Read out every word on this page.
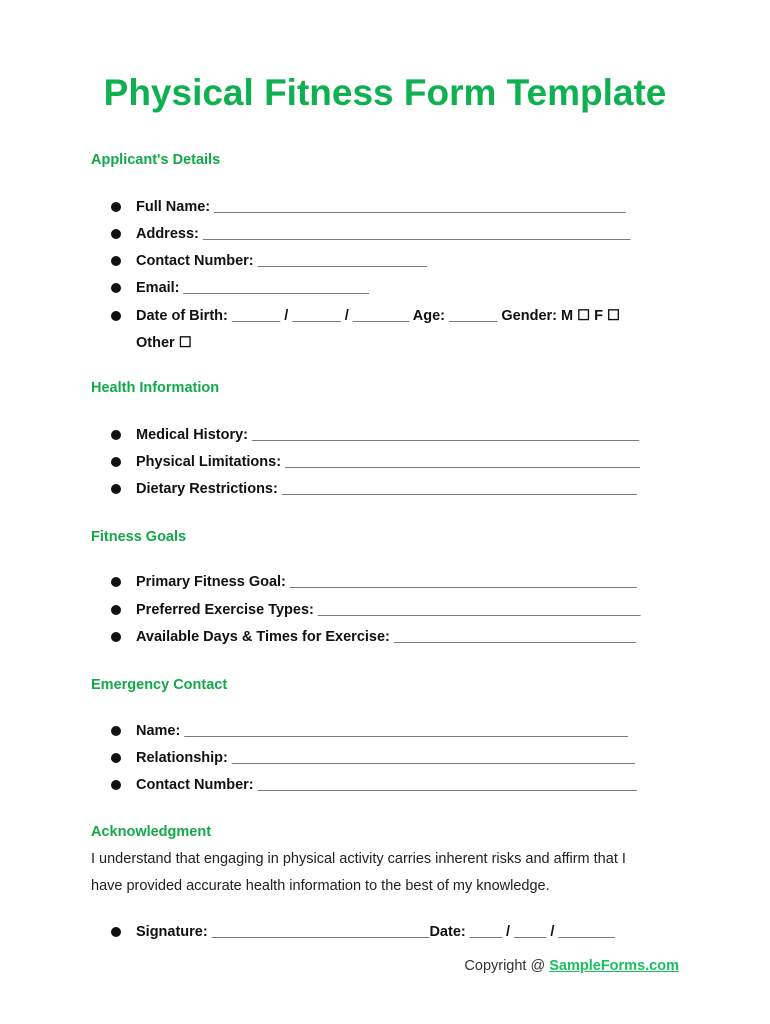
Physical Fitness Form Template
Applicant's Details
Full Name: ___________________________________________________
Address: _____________________________________________________
Contact Number: _____________________
Email: _______________________
Date of Birth: ______ / ______ / _______ Age: ______ Gender: M ☐ F ☐
Other ☐
Health Information
Medical History: ________________________________________________
Physical Limitations: ____________________________________________
Dietary Restrictions: ____________________________________________
Fitness Goals
Primary Fitness Goal: ___________________________________________
Preferred Exercise Types: ________________________________________
Available Days & Times for Exercise: ______________________________
Emergency Contact
Name: _______________________________________________________
Relationship: __________________________________________________
Contact Number: _______________________________________________
Acknowledgment
I understand that engaging in physical activity carries inherent risks and affirm that I
have provided accurate health information to the best of my knowledge.
Signature: ___________________________Date: ____ / ____ / _______
Copyright @ SampleForms.com
